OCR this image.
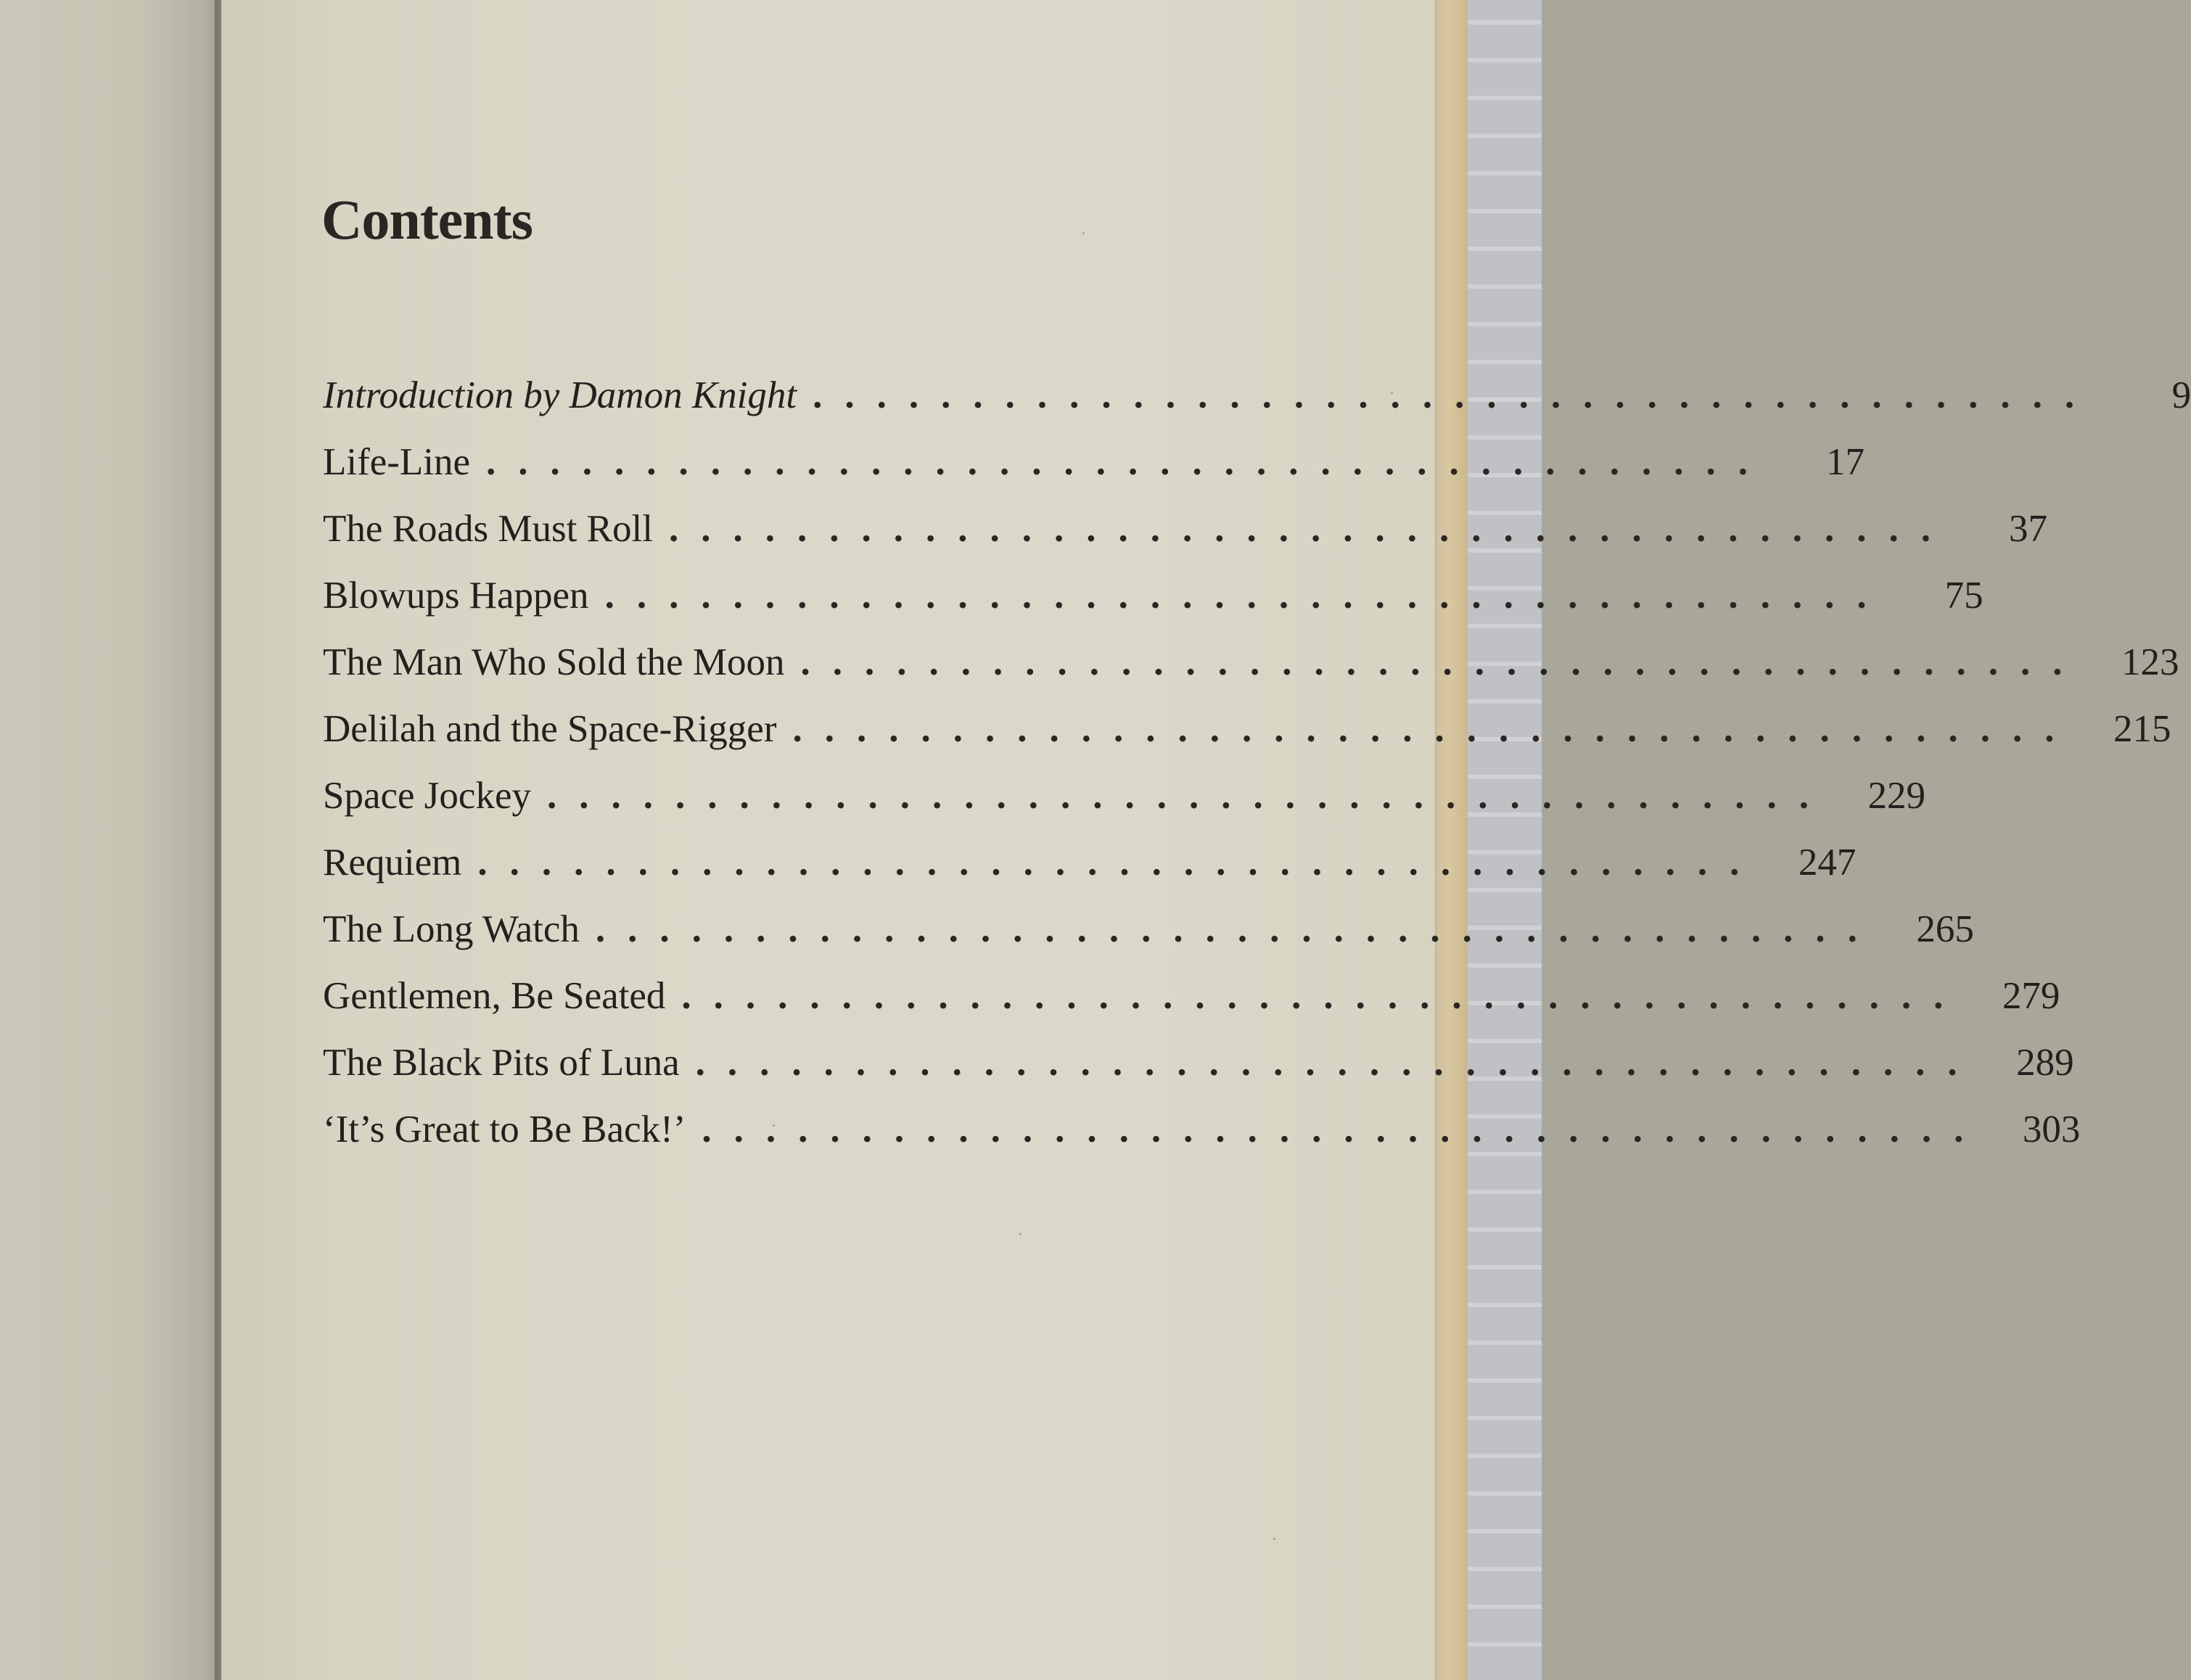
Contents
Introduction by Damon Knight ........................................	9
Life-Line ........................................	17
The Roads Must Roll ........................................	37
Blowups Happen ........................................	75
The Man Who Sold the Moon ........................................ 123
Delilah and the Space-Rigger ........................................ 215
Space Jockey ........................................ 229
Requiem ........................................ 247
The Long Watch ........................................ 265
Gentlemen, Be Seated ........................................ 279
The Black Pits of Luna ........................................ 289
‘It’s Great to Be Back!’ ........................................ 303
